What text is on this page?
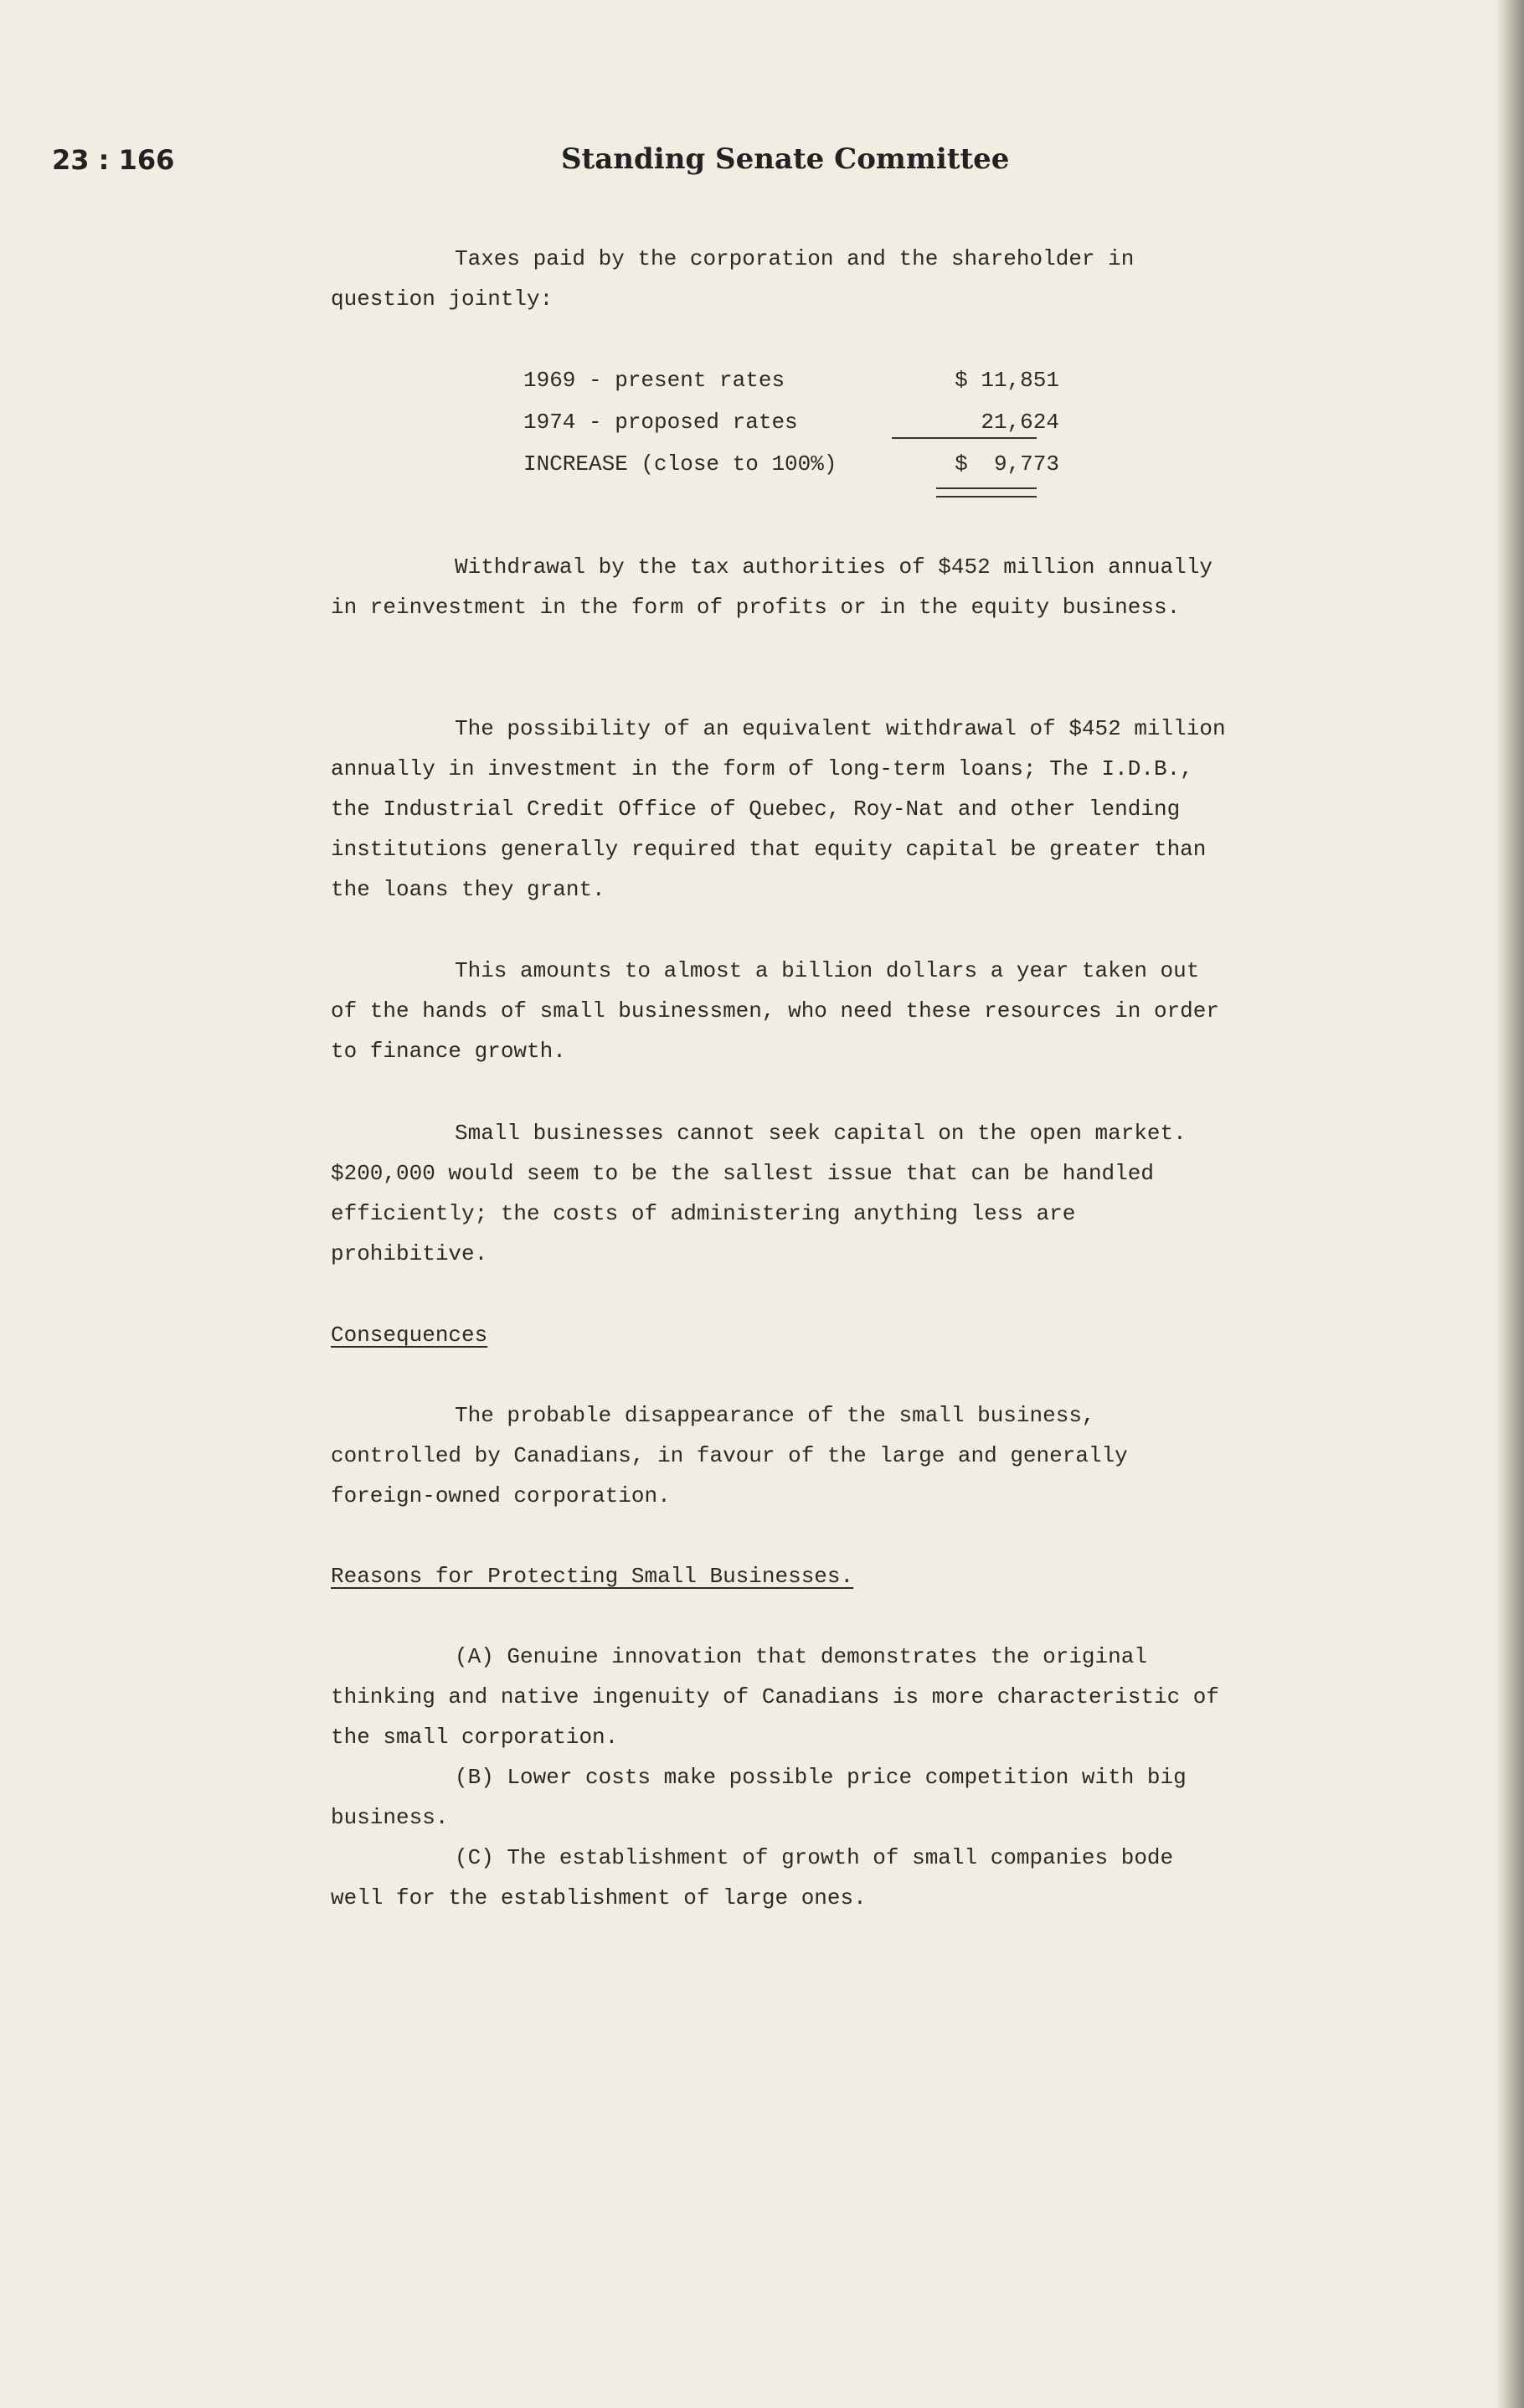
23 : 166	Standing Senate Committee

Taxes paid by the corporation and the shareholder in question jointly:

1969 - present rates	$ 11,851
1974 - proposed rates	21,624
INCREASE (close to 100%)	$  9,773

Withdrawal by the tax authorities of $452 million annually in reinvestment in the form of profits or in the equity business.

The possibility of an equivalent withdrawal of $452 million annually in investment in the form of long-term loans; The I.D.B., the Industrial Credit Office of Quebec, Roy-Nat and other lending institutions generally required that equity capital be greater than the loans they grant.

This amounts to almost a billion dollars a year taken out of the hands of small businessmen, who need these resources in order to finance growth.

Small businesses cannot seek capital on the open market. $200,000 would seem to be the sallest issue that can be handled efficiently; the costs of administering anything less are prohibitive.

Consequences

The probable disappearance of the small business, controlled by Canadians, in favour of the large and generally foreign-owned corporation.

Reasons for Protecting Small Businesses.

(A) Genuine innovation that demonstrates the original thinking and native ingenuity of Canadians is more characteristic of the small corporation.

(B) Lower costs make possible price competition with big business.

(C) The establishment of growth of small companies bode well for the establishment of large ones.
